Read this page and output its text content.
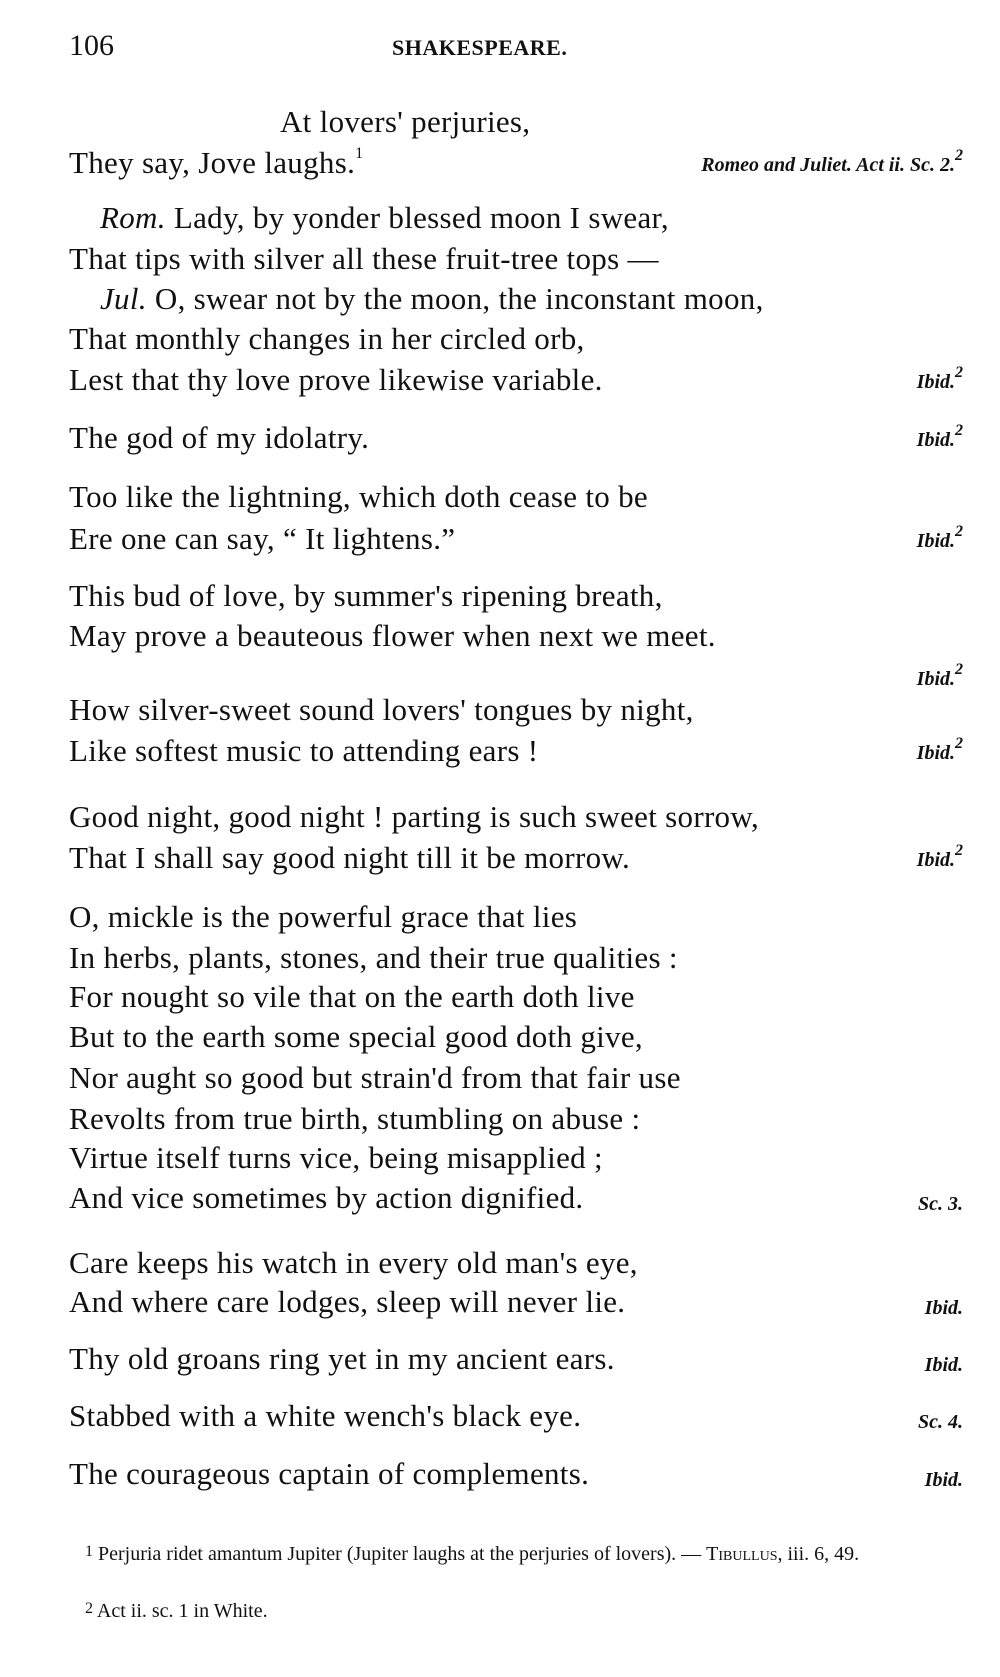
106	SHAKESPEARE.
At lovers' perjuries,
They say, Jove laughs.$^1$
Romeo and Juliet. Act ii. Sc. 2.$^2$
Rom. Lady, by yonder blessed moon I swear,
That tips with silver all these fruit-tree tops —
Jul. O, swear not by the moon, the inconstant moon,
That monthly changes in her circled orb,
Lest that thy love prove likewise variable.	Ibid.$^2$
The god of my idolatry.	Ibid.$^2$
Too like the lightning, which doth cease to be
Ere one can say, “ It lightens.”	Ibid.$^2$
This bud of love, by summer's ripening breath,
May prove a beauteous flower when next we meet.
Ibid.$^2$
How silver-sweet sound lovers' tongues by night,
Like softest music to attending ears !	Ibid.$^2$
Good night, good night ! parting is such sweet sorrow,
That I shall say good night till it be morrow.	Ibid.$^2$
O, mickle is the powerful grace that lies
In herbs, plants, stones, and their true qualities :
For nought so vile that on the earth doth live
But to the earth some special good doth give,
Nor aught so good but strain'd from that fair use
Revolts from true birth, stumbling on abuse :
Virtue itself turns vice, being misapplied ;
And vice sometimes by action dignified.	Sc. 3.
Care keeps his watch in every old man's eye,
And where care lodges, sleep will never lie.	Ibid.
Thy old groans ring yet in my ancient ears.	Ibid.
Stabbed with a white wench's black eye.	Sc. 4.
The courageous captain of complements.	Ibid.
$^1$ Perjuria ridet amantum Jupiter (Jupiter laughs at the perjuries of lovers). — Tibullus, iii. 6, 49.
$^2$ Act ii. sc. 1 in White.
